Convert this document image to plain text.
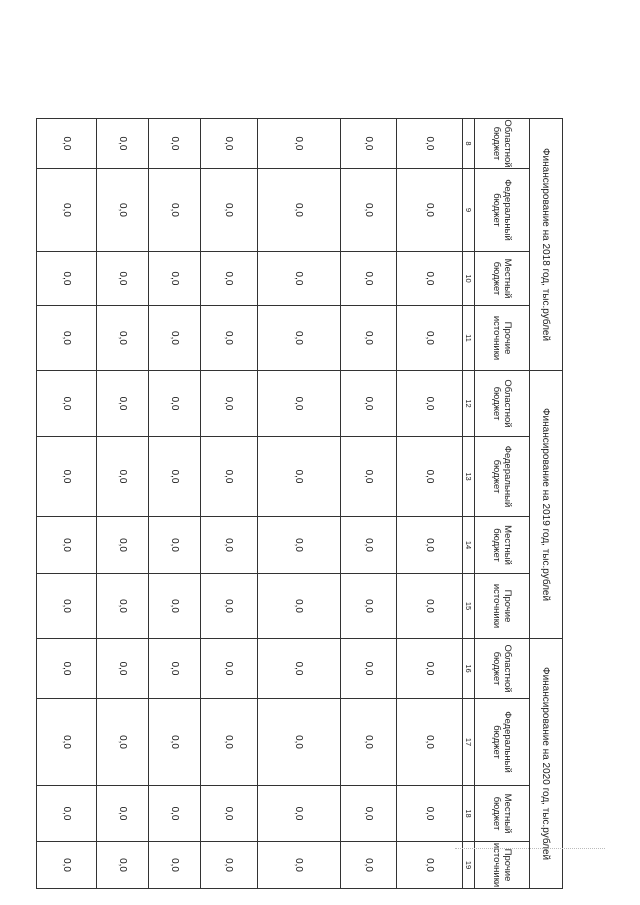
Финансирование на 2018 год, тыс.рублей				Финансирование на 2019 год, тыс.рублей				Финансирование на 2020 год, тыс.рублей			
Областной бюджет	Федеральный бюджет	Местный бюджет	Прочие источники	Областной бюджет	Федеральный бюджет	Местный бюджет	Прочие источники	Областной бюджет	Федеральный бюджет	Местный бюджет	Прочие источники
8	9	10	11	12	13	14	15	16	17	18	19
0,0	0,0	0,0	0,0	0,0	0,0	0,0	0,0	0,0	0,0	0,0	0,0
0,0	0,0	0,0	0,0	0,0	0,0	0,0	0,0	0,0	0,0	0,0	0,0
0,0	0,0	0,0	0,0	0,0	0,0	0,0	0,0	0,0	0,0	0,0	0,0
0,0	0,0	0,0	0,0	0,0	0,0	0,0	0,0	0,0	0,0	0,0	0,0
0,0	0,0	0,0	0,0	0,0	0,0	0,0	0,0	0,0	0,0	0,0	0,0
0,0	0,0	0,0	0,0	0,0	0,0	0,0	0,0	0,0	0,0	0,0	0,0
0,0	0,0	0,0	0,0	0,0	0,0	0,0	0,0	0,0	0,0	0,0	0,0
